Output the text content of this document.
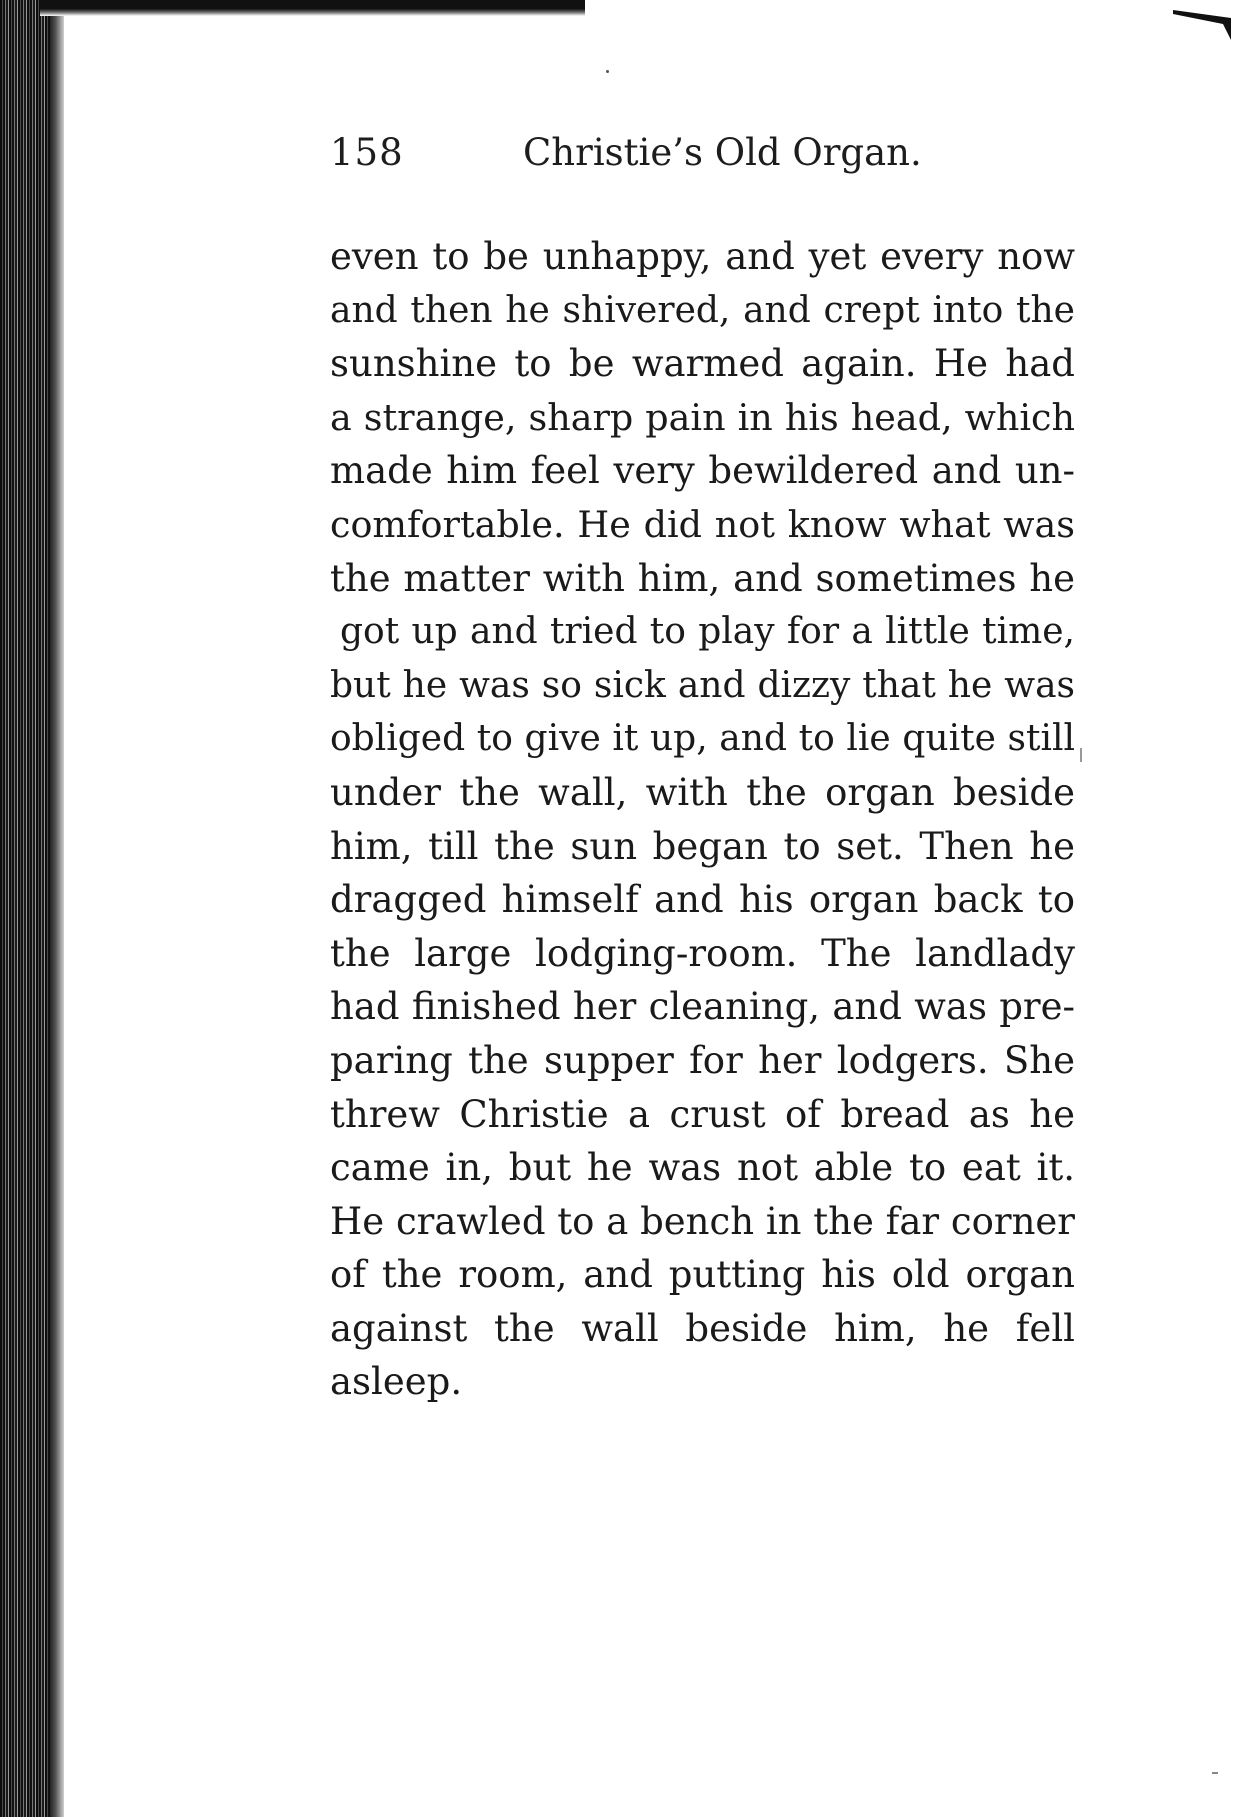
158	Christie’s Old Organ.
even to be unhappy, and yet every now
and then he shivered, and crept into the
sunshine to be warmed again. He had
a strange, sharp pain in his head, which
made him feel very bewildered and un-
comfortable. He did not know what was
the matter with him, and sometimes he
got up and tried to play for a little time,
but he was so sick and dizzy that he was
obliged to give it up, and to lie quite still
under the wall, with the organ beside
him, till the sun began to set. Then he
dragged himself and his organ back to
the large lodging-room. The landlady
had finished her cleaning, and was pre-
paring the supper for her lodgers. She
threw Christie a crust of bread as he
came in, but he was not able to eat it.
He crawled to a bench in the far corner
of the room, and putting his old organ
against the wall beside him, he fell
asleep.
